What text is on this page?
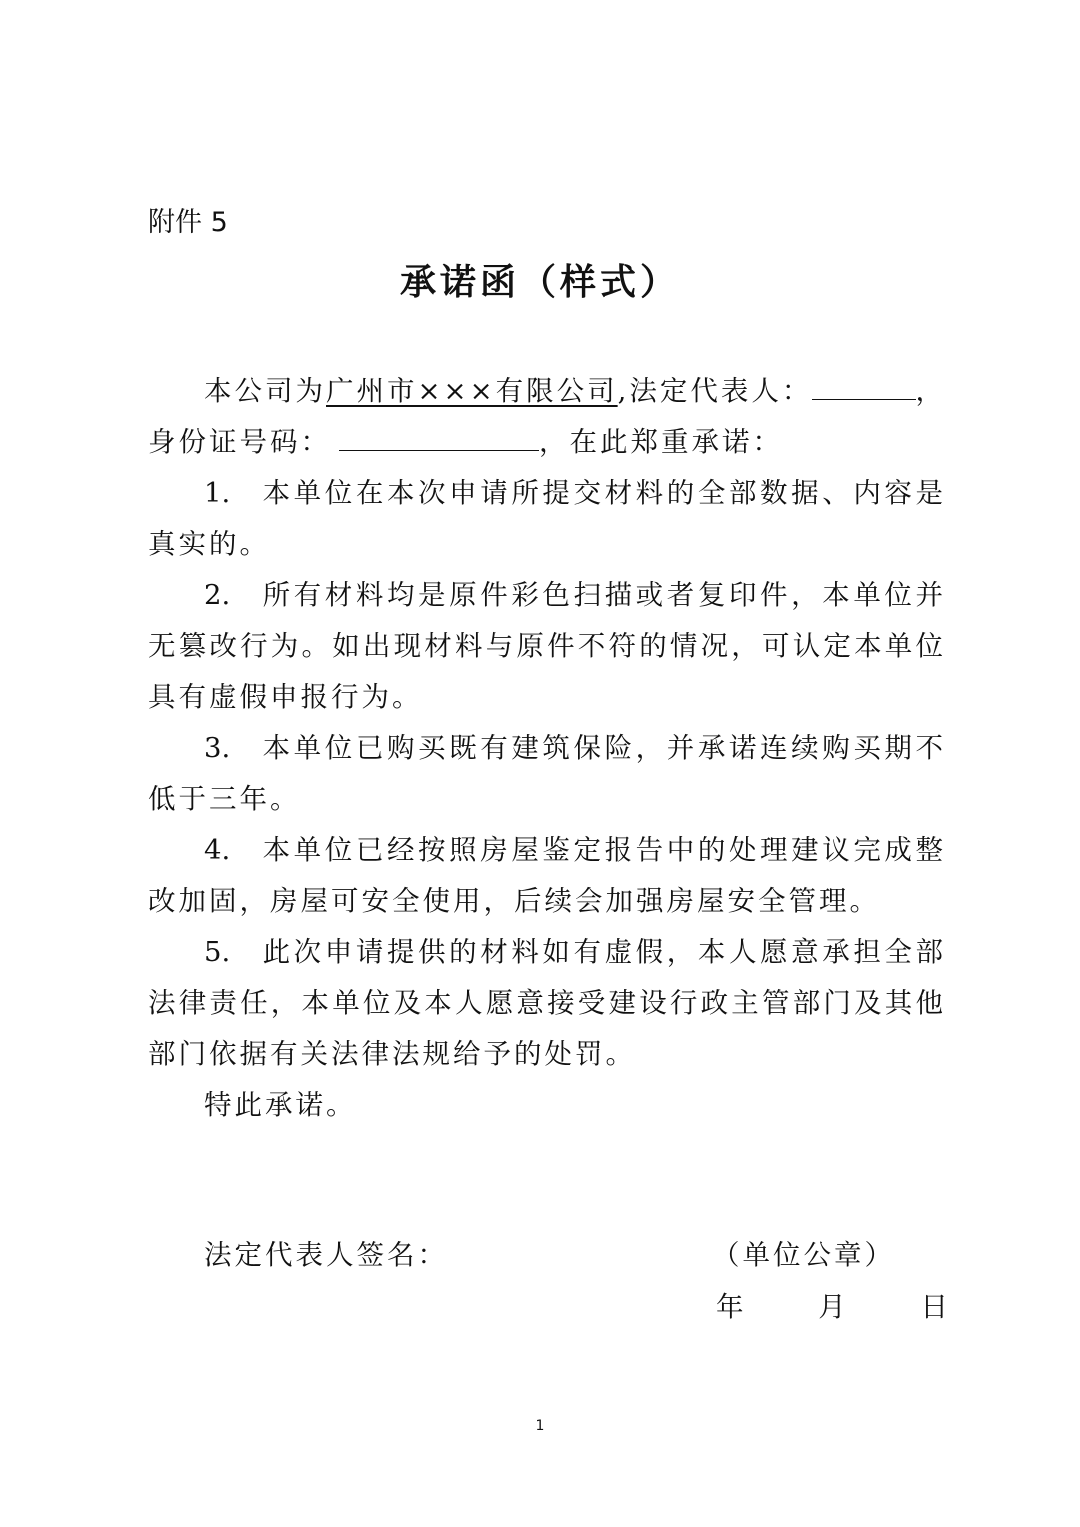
附件 5
承诺函（样式）
本公司为 广州市×××有限公司 ,法定代表人：	，
身份证号码：	，在此郑重承诺：

1. 本单位在本次申请所提交材料的全部数据、内容是真实的。

2. 所有材料均是原件彩色扫描或者复印件，本单位并无篡改行为。如出现材料与原件不符的情况，可认定本单位具有虚假申报行为。

3. 本单位已购买既有建筑保险，并承诺连续购买期不低于三年。

4. 本单位已经按照房屋鉴定报告中的处理建议完成整改加固，房屋可安全使用，后续会加强房屋安全管理。

5. 此次申请提供的材料如有虚假，本人愿意承担全部法律责任，本单位及本人愿意接受建设行政主管部门及其他部门依据有关法律法规给予的处罚。

特此承诺。

法定代表人签名：	（单位公章）
年	月	日
1
